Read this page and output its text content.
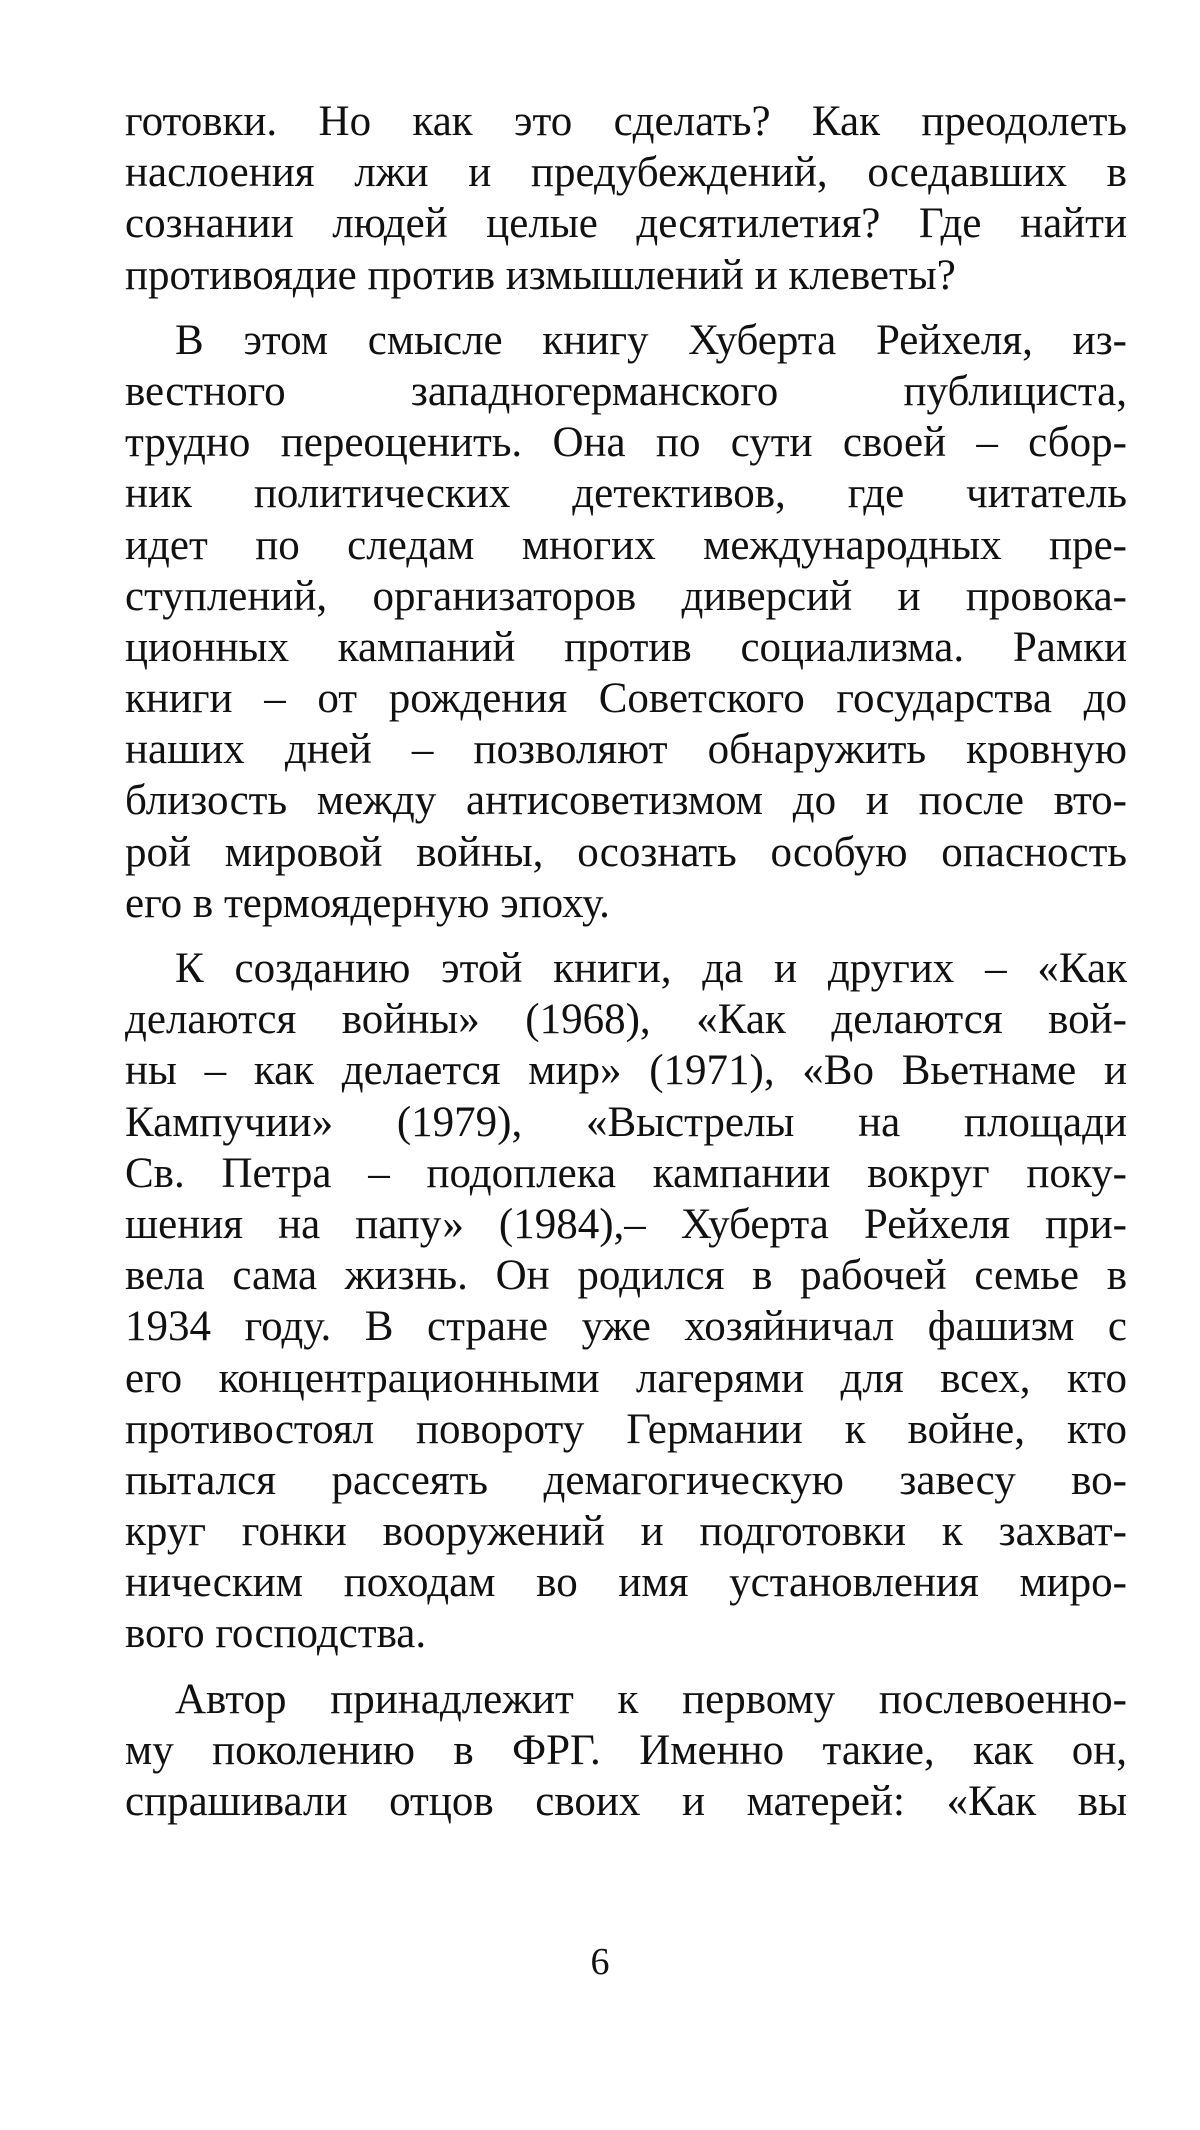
готовки. Но как это сделать? Как преодолеть
наслоения лжи и предубеждений, оседавших в
сознании людей целые десятилетия? Где найти
противоядие против измышлений и клеветы?
В этом смысле книгу Хуберта Рейхеля, из-
вестного западногерманского публициста,
трудно переоценить. Она по сути своей – сбор-
ник политических детективов, где читатель
идет по следам многих международных пре-
ступлений, организаторов диверсий и провока-
ционных кампаний против социализма. Рамки
книги – от рождения Советского государства до
наших дней – позволяют обнаружить кровную
близость между антисоветизмом до и после вто-
рой мировой войны, осознать особую опасность
его в термоядерную эпоху.
К созданию этой книги, да и других – «Как
делаются войны» (1968), «Как делаются вой-
ны – как делается мир» (1971), «Во Вьетнаме и
Кампучии» (1979), «Выстрелы на площади
Св. Петра – подоплека кампании вокруг поку-
шения на папу» (1984),– Хуберта Рейхеля при-
вела сама жизнь. Он родился в рабочей семье в
1934 году. В стране уже хозяйничал фашизм с
его концентрационными лагерями для всех, кто
противостоял повороту Германии к войне, кто
пытался рассеять демагогическую завесу во-
круг гонки вооружений и подготовки к захват-
ническим походам во имя установления миро-
вого господства.
Автор принадлежит к первому послевоенно-
му поколению в ФРГ. Именно такие, как он,
спрашивали отцов своих и матерей: «Как вы
6
